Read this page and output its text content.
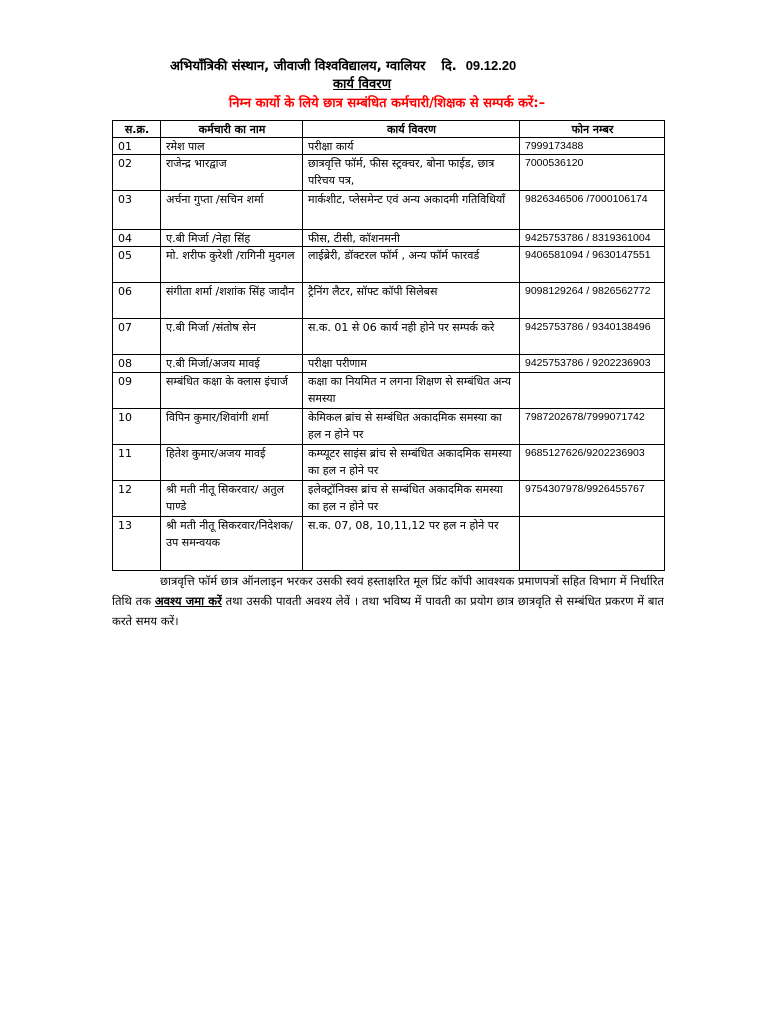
अभियाँत्रिकी संस्थान, जीवाजी विश्वविद्यालय, ग्वालियर दि. 09.12.20
कार्य विवरण
निम्न कार्यो के लिये छात्र सम्बंधित कर्मचारी/शिक्षक से सम्पर्क करें:–
स.क्र.	कर्मचारी का नाम	कार्य विवरण	फोन नम्बर

01	रमेश पाल	परीक्षा कार्य	7999173488

02	राजेन्द्र भारद्वाज	छात्रवृत्ति फॉर्म, फीस स्ट्रक्चर, बोना फाईड, छात्र परिचय पत्र,	7000536120

03	अर्चना गुप्ता /सचिन शर्मा	मार्कशीट, प्लेसमेन्ट एवं अन्य अकादमी गतिविधियाँ	9826346506 /7000106174

04	ए.बी मिर्जा /नेहा सिंह	फीस, टीसी, कॉशनमनी	9425753786 / 8319361004

05	मो. शरीफ कुरेशी /रागिनी मुदगल	लाईब्रेरी, डॉक्टरल फॉर्म , अन्य फॉर्म फारवर्ड	9406581094 / 9630147551

06	संगीता शर्मा /शशांक सिंह जादौन	ट्रैनिंग लैटर, सॉफ्ट कॉपी सिलेबस	9098129264 / 9826562772

07	ए.बी मिर्जा /संतोष सेन	स.क. 01 से 06 कार्य नही होने पर सम्पर्क करे	9425753786 / 9340138496

08	ए.बी मिर्जा/अजय मावई	परीक्षा परीणाम	9425753786 / 9202236903

09	सम्बंधित कक्षा के क्लास इंचार्ज	कक्षा का नियमित न लगना शिक्षण से सम्बंधित अन्य समस्या	

10	विपिन कुमार/शिवांगी शर्मा	केमिकल ब्रांच से सम्बंधित अकादमिक समस्या का हल न होने पर	7987202678/7999071742

11	हितेश कुमार/अजय मावई	कम्प्यूटर साइंस ब्रांच से सम्बंधित अकादमिक समस्या का हल न होने पर	9685127626/9202236903

12	श्री मती नीतू सिकरवार/ अतुल पाण्डे	इलेक्ट्रॉनिक्स ब्रांच से सम्बंधित अकादमिक समस्या का हल न होने पर	9754307978/9926455767

13	श्री मती नीतू सिकरवार/निदेशक/उप समन्वयक	स.क. 07, 08, 10,11,12 पर हल न होने पर	

छात्रवृत्ति फॉर्म छात्र ऑनलाइन भरकर उसकी स्वयं हस्ताक्षरित मूल प्रिंट कॉपी आवश्यक प्रमाणपत्रों सहित विभाग में निर्धारित तिथि तक अवश्य जमा करें तथा उसकी पावती अवश्य लेवें । तथा भविष्य में पावती का प्रयोग छात्र छात्रवृति से सम्बंधित प्रकरण में बात करते समय करें।
